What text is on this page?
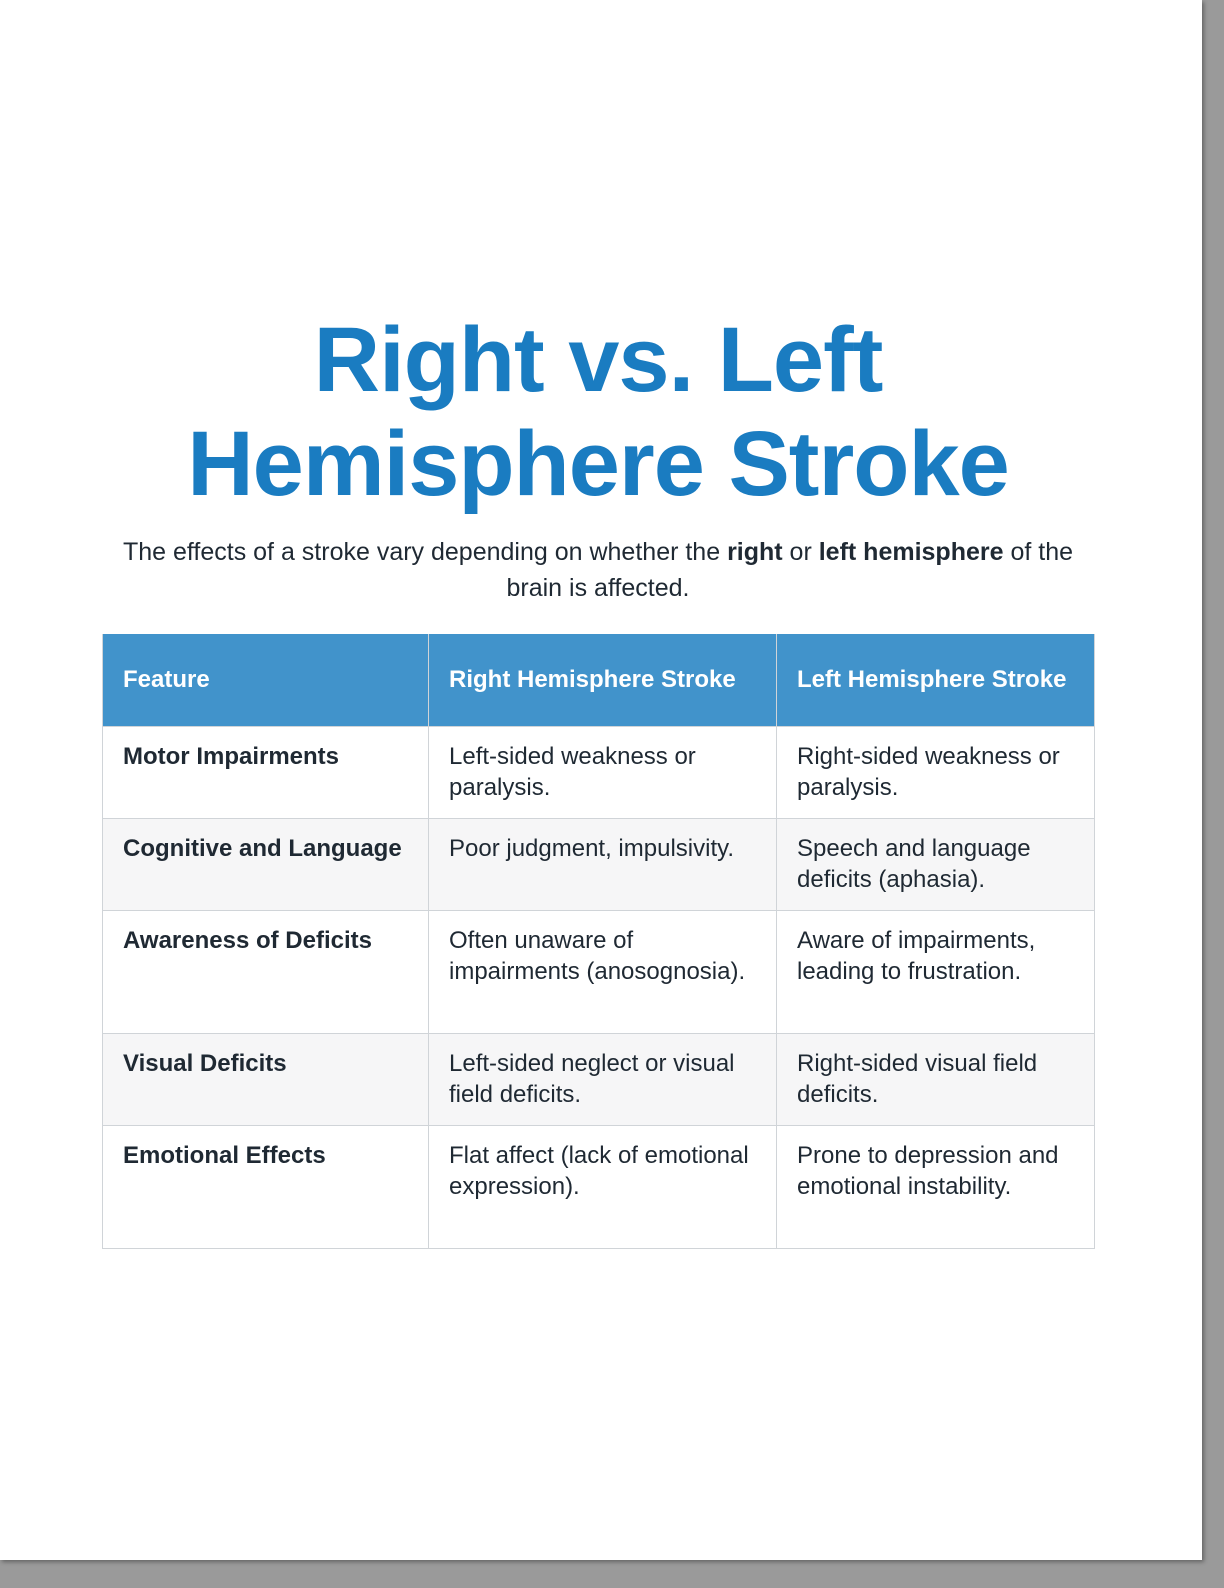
Right vs. Left
Hemisphere Stroke

The effects of a stroke vary depending on whether the right or left hemisphere of the brain is affected.

Feature	Right Hemisphere Stroke	Left Hemisphere Stroke
Motor Impairments	Left-sided weakness or paralysis.	Right-sided weakness or paralysis.
Cognitive and Language	Poor judgment, impulsivity.	Speech and language deficits (aphasia).
Awareness of Deficits	Often unaware of impairments (anosognosia).	Aware of impairments, leading to frustration.
Visual Deficits	Left-sided neglect or visual field deficits.	Right-sided visual field deficits.
Emotional Effects	Flat affect (lack of emotional expression).	Prone to depression and emotional instability.
